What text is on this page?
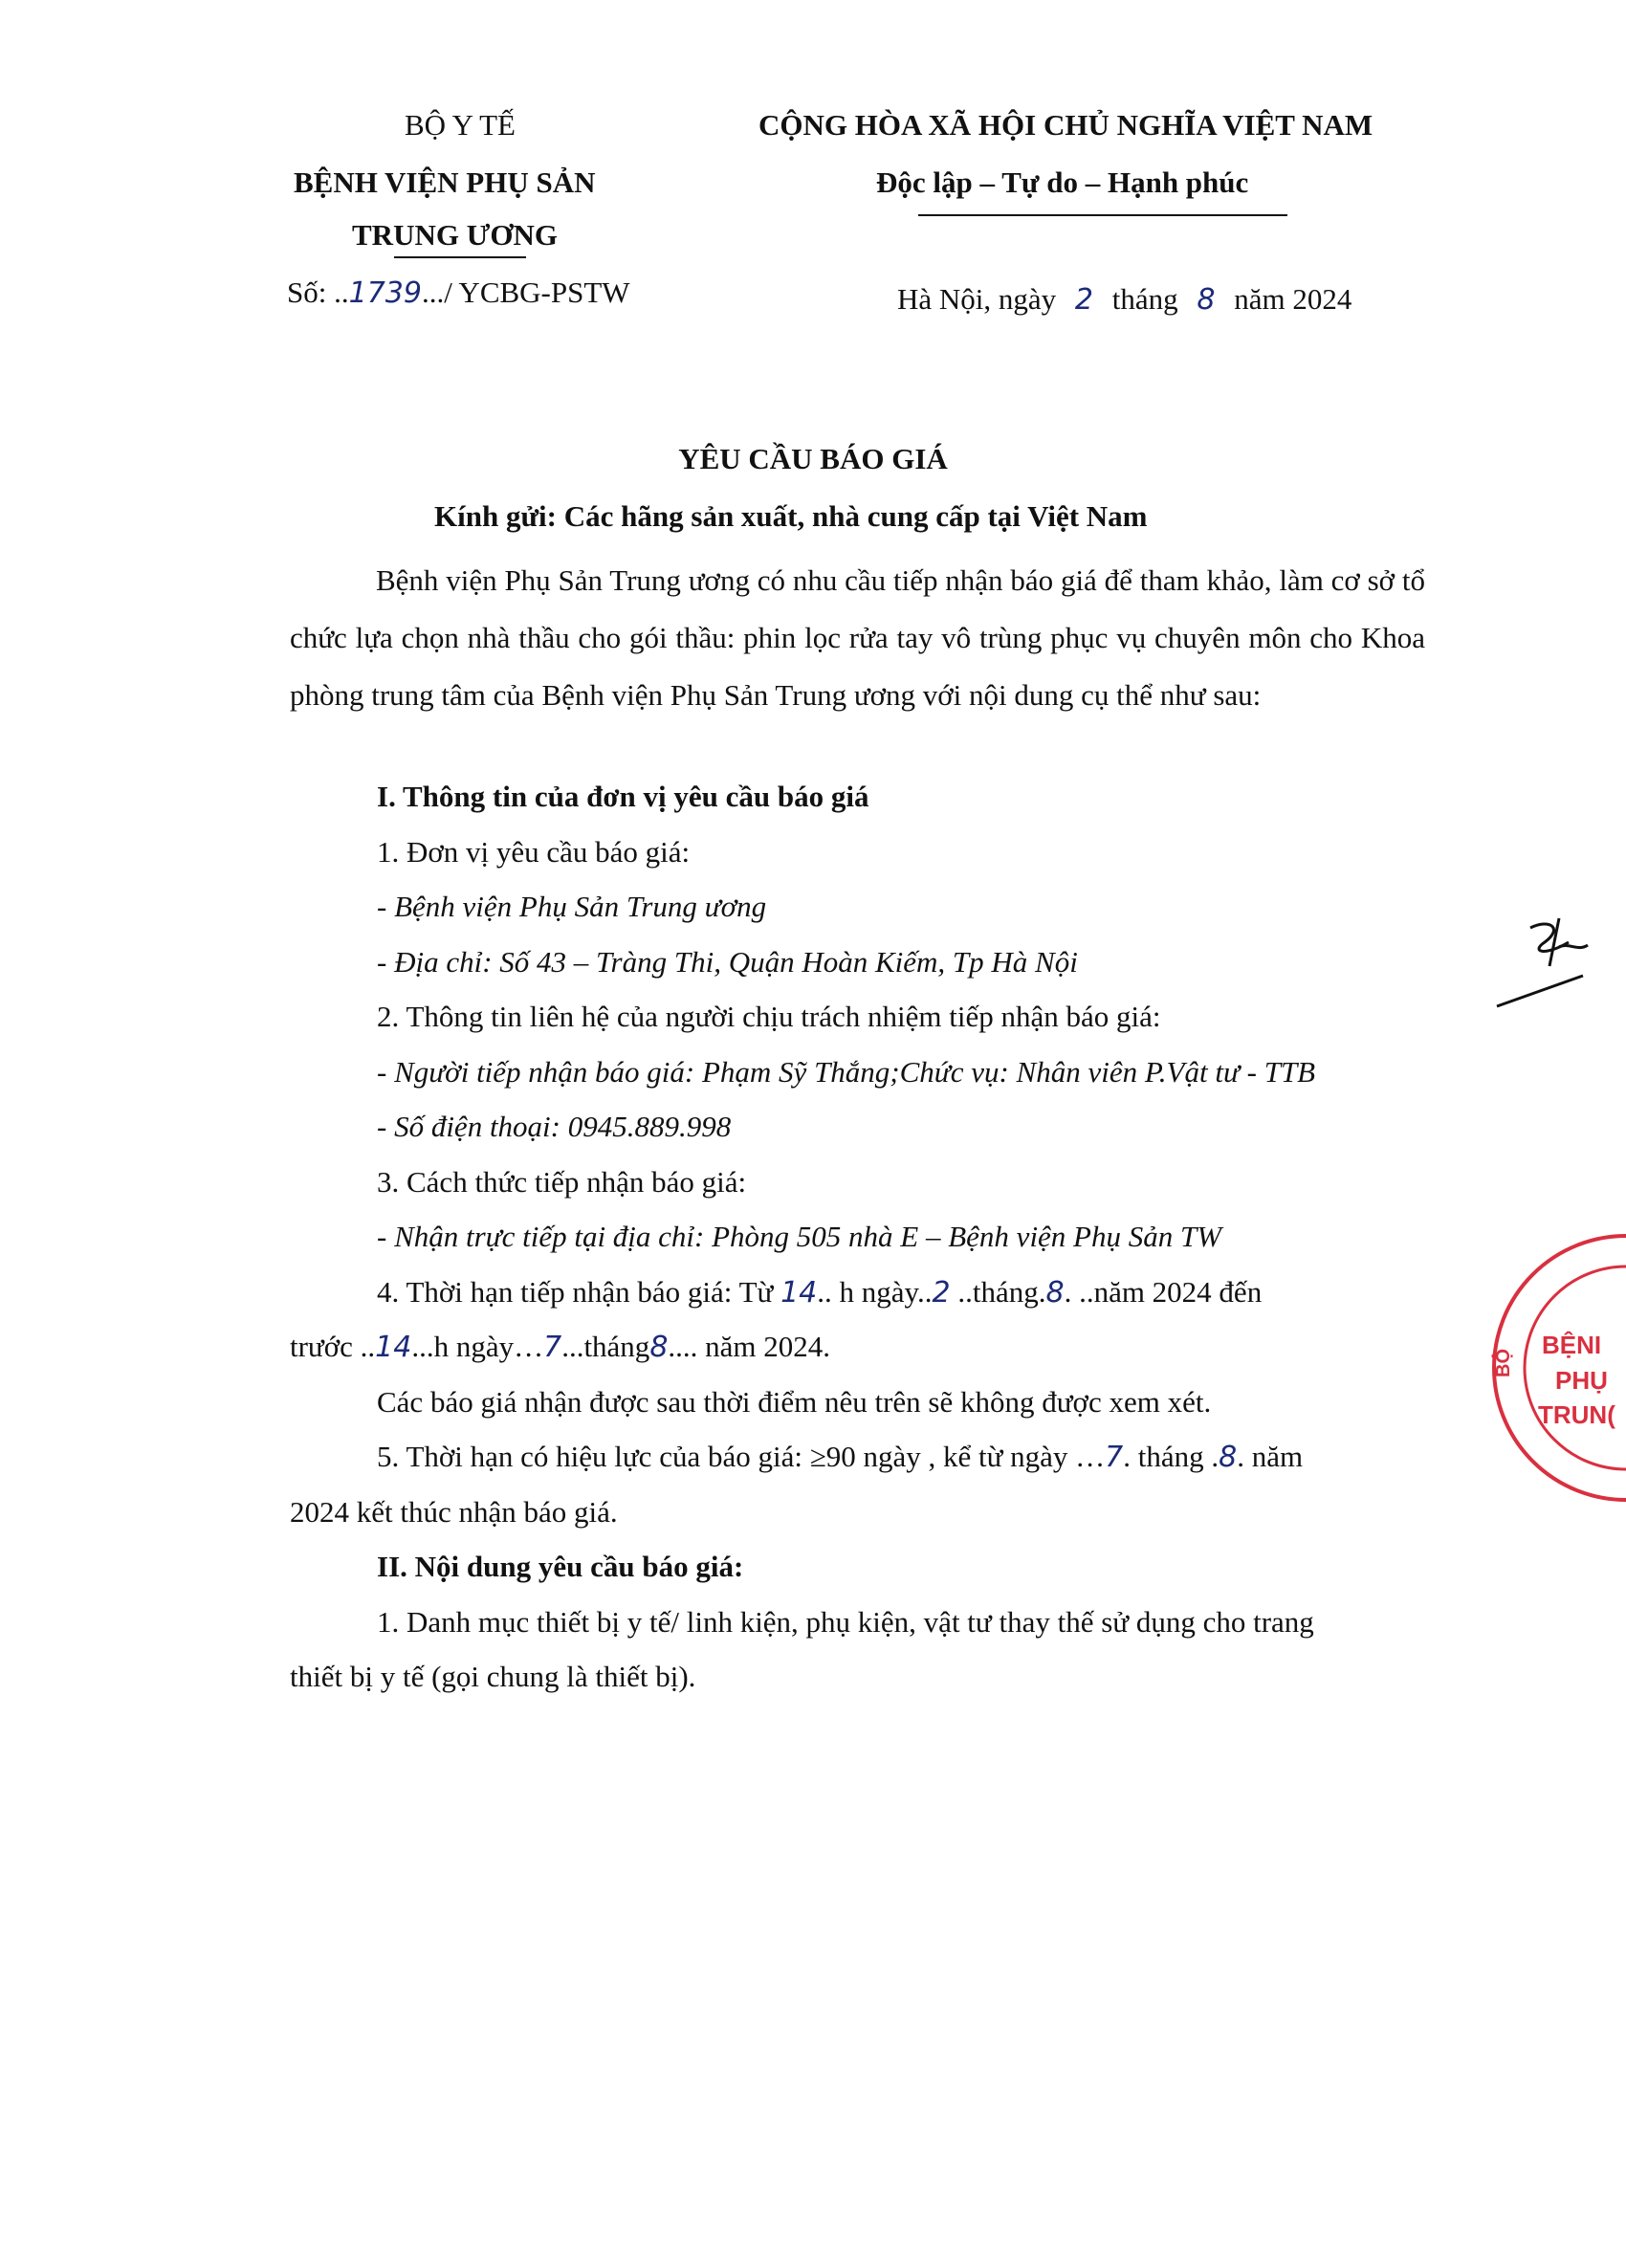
BỘ Y TẾ
BỆNH VIỆN PHỤ SẢN
TRUNG ƯƠNG
Số: ..1739.../ YCBG-PSTW
CỘNG HÒA XÃ HỘI CHỦ NGHĨA VIỆT NAM
Độc lập – Tự do – Hạnh phúc
Hà Nội, ngày 2 tháng 8 năm 2024
YÊU CẦU BÁO GIÁ
Kính gửi: Các hãng sản xuất, nhà cung cấp tại Việt Nam
Bệnh viện Phụ Sản Trung ương có nhu cầu tiếp nhận báo giá để tham khảo, làm cơ sở tổ chức lựa chọn nhà thầu cho gói thầu: phin lọc rửa tay vô trùng phục vụ chuyên môn cho Khoa phòng trung tâm của Bệnh viện Phụ Sản Trung ương với nội dung cụ thể như sau:
I. Thông tin của đơn vị yêu cầu báo giá
1. Đơn vị yêu cầu báo giá:
- Bệnh viện Phụ Sản Trung ương
- Địa chỉ: Số 43 – Tràng Thi, Quận Hoàn Kiếm, Tp Hà Nội
2. Thông tin liên hệ của người chịu trách nhiệm tiếp nhận báo giá:
- Người tiếp nhận báo giá: Phạm Sỹ Thắng;Chức vụ: Nhân viên P.Vật tư - TTB
- Số điện thoại: 0945.889.998
3. Cách thức tiếp nhận báo giá:
- Nhận trực tiếp tại địa chỉ: Phòng 505 nhà E – Bệnh viện Phụ Sản TW
4. Thời hạn tiếp nhận báo giá: Từ 14.. h ngày..2 ..tháng.8. ..năm 2024 đến
trước ..14...h ngày…7...tháng8.... năm 2024.
Các báo giá nhận được sau thời điểm nêu trên sẽ không được xem xét.
5. Thời hạn có hiệu lực của báo giá: ≥90 ngày , kể từ ngày …7. tháng .8. năm
2024 kết thúc nhận báo giá.
II. Nội dung yêu cầu báo giá:
1. Danh mục thiết bị y tế/ linh kiện, phụ kiện, vật tư thay thế sử dụng cho trang
thiết bị y tế (gọi chung là thiết bị).
BỆNI
PHỤ
TRUN(
BỘ
